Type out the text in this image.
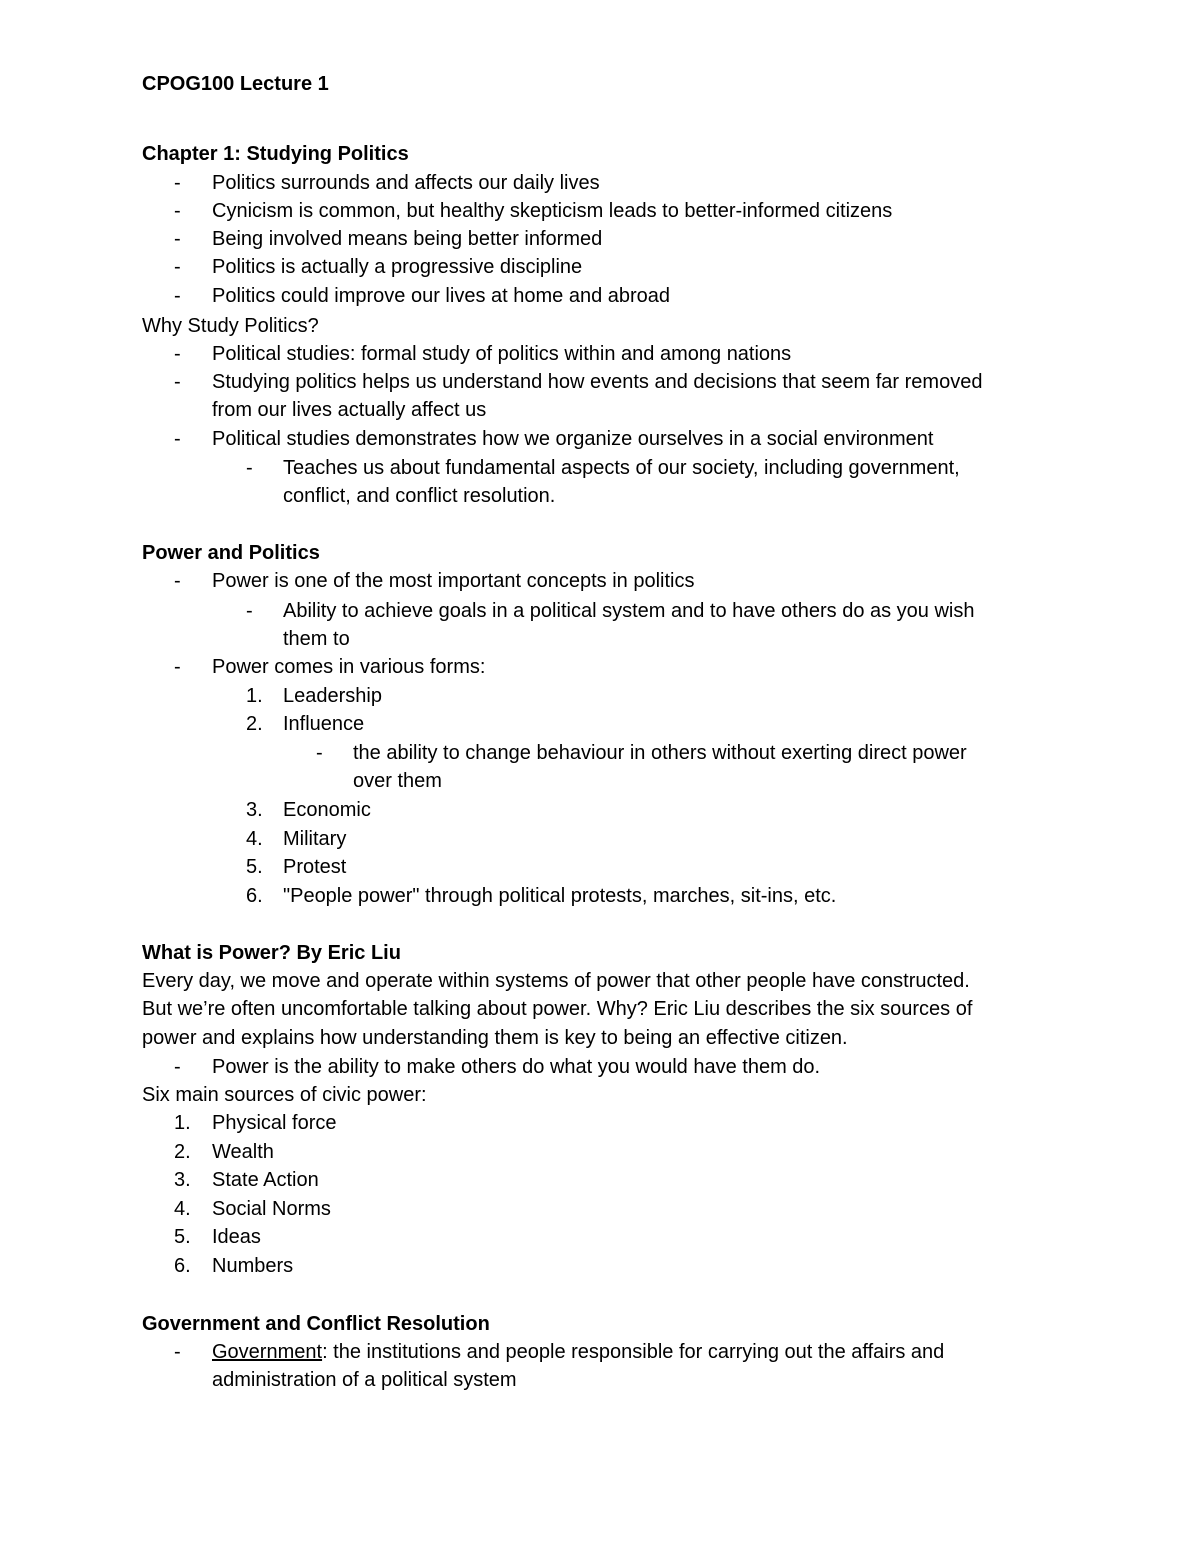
CPOG100 Lecture 1
Chapter 1: Studying Politics
- Politics surrounds and affects our daily lives

- Cynicism is common, but healthy skepticism leads to better-informed citizens

- Being involved means being better informed

- Politics is actually a progressive discipline

- Politics could improve our lives at home and abroad

Why Study Politics?

- Political studies: formal study of politics within and among nations

- Studying politics helps us understand how events and decisions that seem far removed

from our lives actually affect us

- Political studies demonstrates how we organize ourselves in a social environment

- Teaches us about fundamental aspects of our society, including government,

conflict, and conflict resolution.

Power and Politics
- Power is one of the most important concepts in politics

- Ability to achieve goals in a political system and to have others do as you wish

them to

- Power comes in various forms:

1. Leadership

2. Influence

- the ability to change behaviour in others without exerting direct power

over them

3. Economic

4. Military

5. Protest

6. "People power" through political protests, marches, sit-ins, etc.

What is Power? By Eric Liu

Every day, we move and operate within systems of power that other people have constructed.

But we’re often uncomfortable talking about power. Why? Eric Liu describes the six sources of

power and explains how understanding them is key to being an effective citizen.

- Power is the ability to make others do what you would have them do.

Six main sources of civic power:

1. Physical force

2. Wealth

3. State Action

4. Social Norms

5. Ideas

6. Numbers

Government and Conflict Resolution
- Government: the institutions and people responsible for carrying out the affairs and

administration of a political system
